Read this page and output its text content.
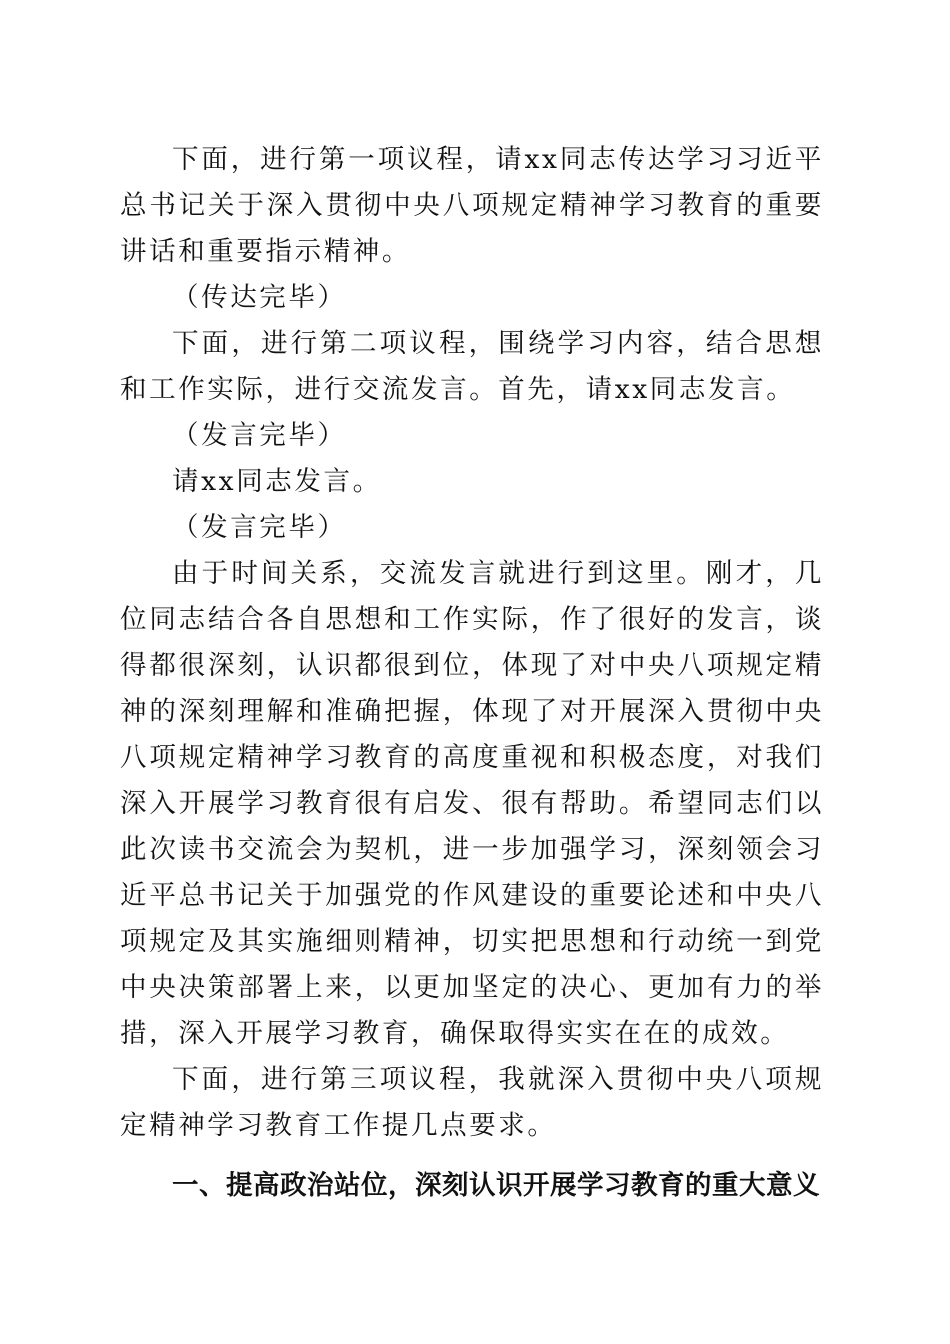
下面，进行第一项议程，请xx同志传达学习习近平总书记关于深入贯彻中央八项规定精神学习教育的重要讲话和重要指示精神。

（传达完毕）

下面，进行第二项议程，围绕学习内容，结合思想和工作实际，进行交流发言。首先，请xx同志发言。

（发言完毕）

请xx同志发言。

（发言完毕）

由于时间关系，交流发言就进行到这里。刚才，几位同志结合各自思想和工作实际，作了很好的发言，谈得都很深刻，认识都很到位，体现了对中央八项规定精神的深刻理解和准确把握，体现了对开展深入贯彻中央八项规定精神学习教育的高度重视和积极态度，对我们深入开展学习教育很有启发、很有帮助。希望同志们以此次读书交流会为契机，进一步加强学习，深刻领会习近平总书记关于加强党的作风建设的重要论述和中央八项规定及其实施细则精神，切实把思想和行动统一到党中央决策部署上来，以更加坚定的决心、更加有力的举措，深入开展学习教育，确保取得实实在在的成效。

下面，进行第三项议程，我就深入贯彻中央八项规定精神学习教育工作提几点要求。

一、提高政治站位，深刻认识开展学习教育的重大意义
